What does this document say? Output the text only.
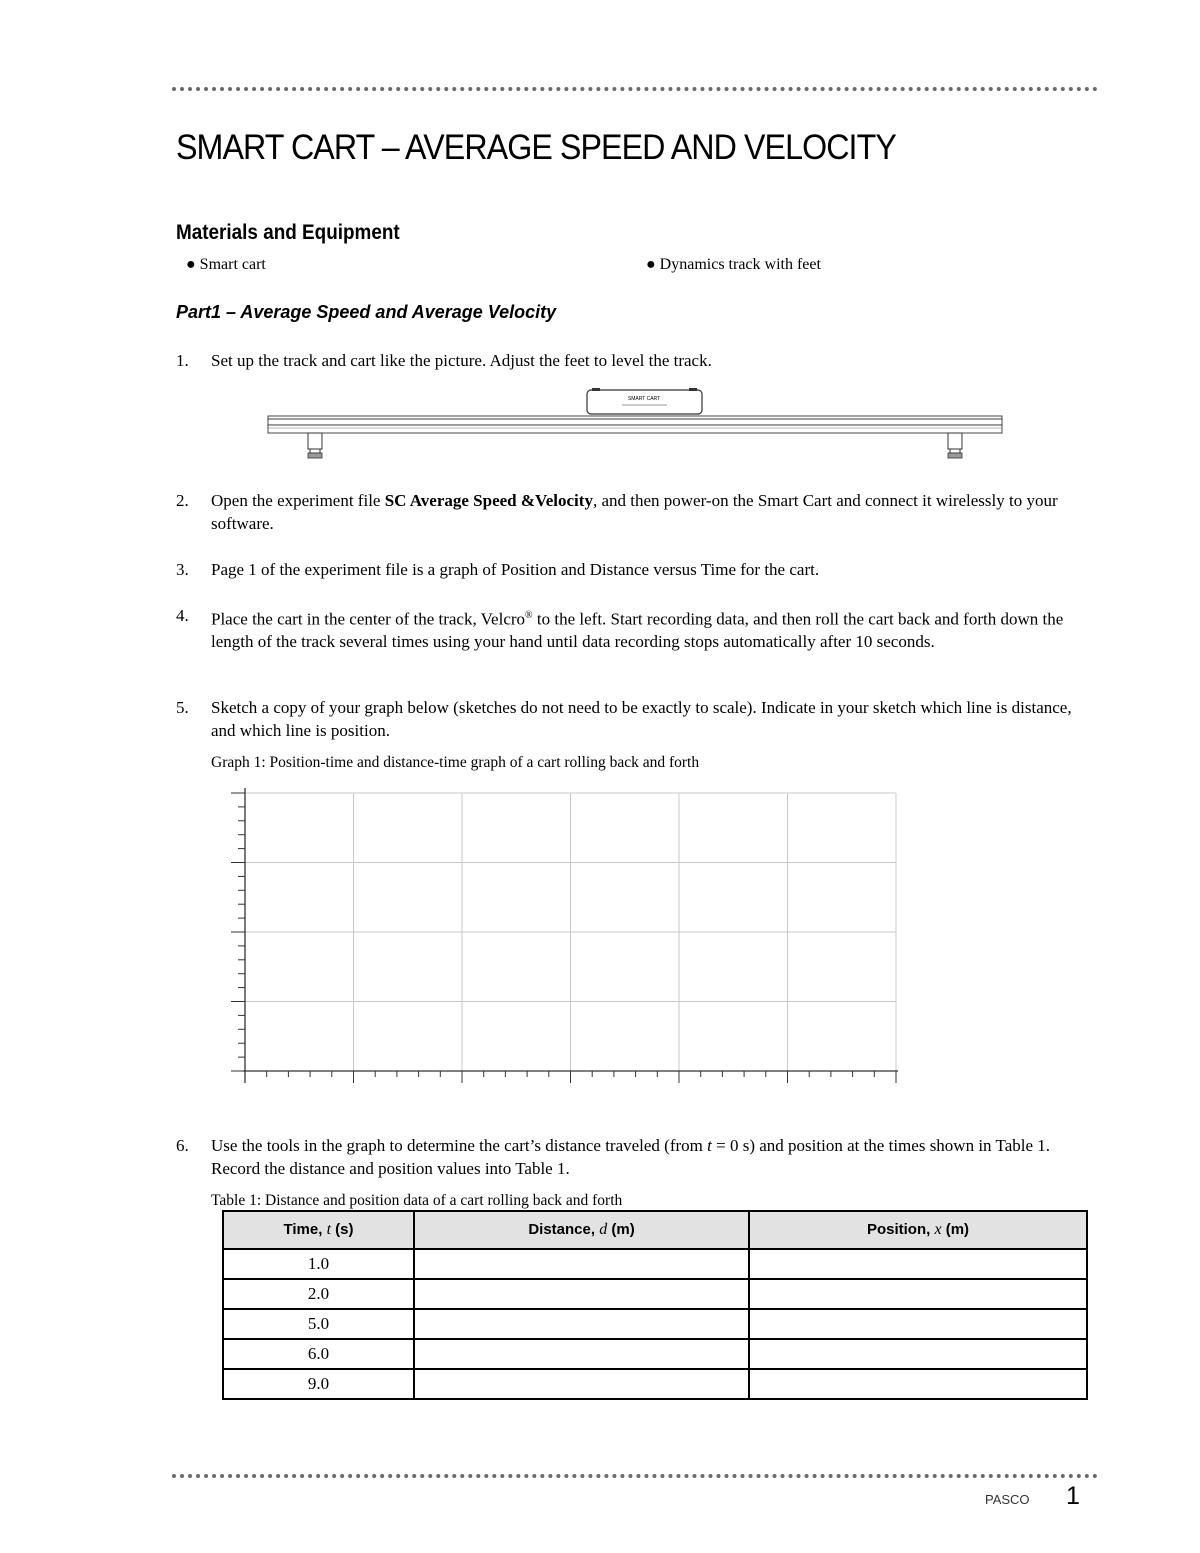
SMART CART – AVERAGE SPEED AND VELOCITY
Materials and Equipment
● Smart cart	● Dynamics track with feet
Part1 – Average Speed and Average Velocity
1. Set up the track and cart like the picture. Adjust the feet to level the track.
SMART CART
2. Open the experiment file SC Average Speed &Velocity, and then power-on the Smart Cart and connect it wirelessly to your software.
3. Page 1 of the experiment file is a graph of Position and Distance versus Time for the cart.
4. Place the cart in the center of the track, Velcro® to the left. Start recording data, and then roll the cart back and forth down the length of the track several times using your hand until data recording stops automatically after 10 seconds.
5. Sketch a copy of your graph below (sketches do not need to be exactly to scale). Indicate in your sketch which line is distance, and which line is position.
Graph 1: Position-time and distance-time graph of a cart rolling back and forth
6. Use the tools in the graph to determine the cart’s distance traveled (from t = 0 s) and position at the times shown in Table 1. Record the distance and position values into Table 1.
Table 1: Distance and position data of a cart rolling back and forth
Time, t (s)	Distance, d (m)	Position, x (m)
1.0		
2.0		
5.0		
6.0		
9.0		
PASCO 1
